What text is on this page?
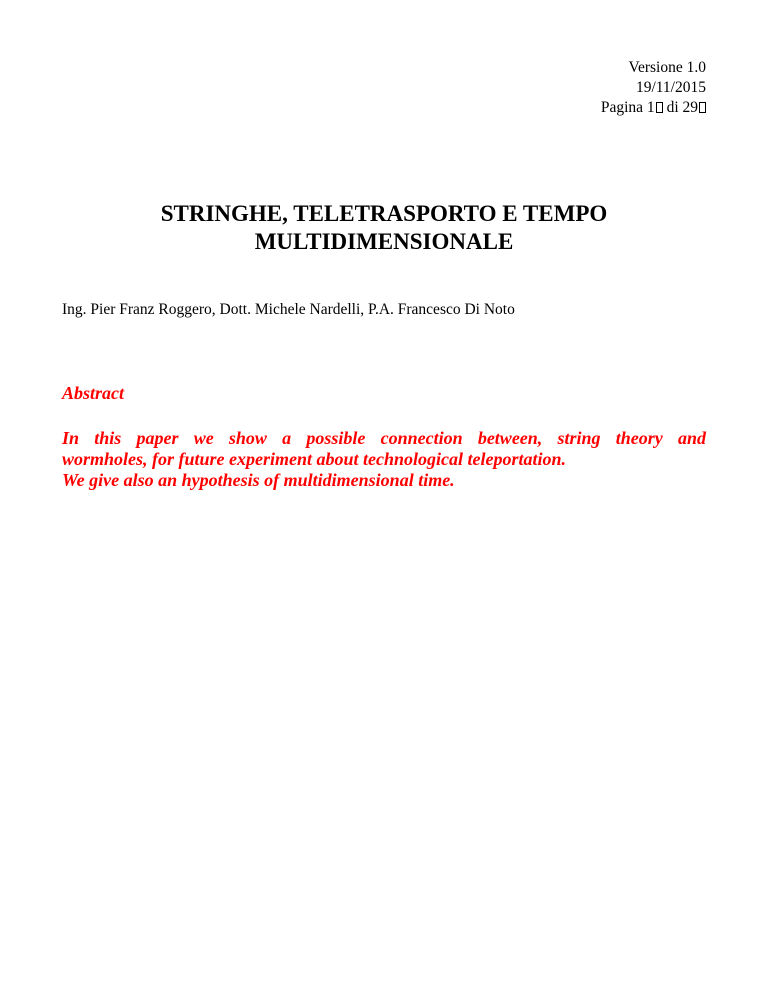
Versione 1.0
19/11/2015
Pagina 1 di 29
STRINGHE, TELETRASPORTO E TEMPO
MULTIDIMENSIONALE
Ing. Pier Franz Roggero, Dott. Michele Nardelli, P.A. Francesco Di Noto
Abstract
In this paper we show a possible connection between, string theory and
wormholes, for future experiment about technological teleportation.
We give also an hypothesis of multidimensional time.
